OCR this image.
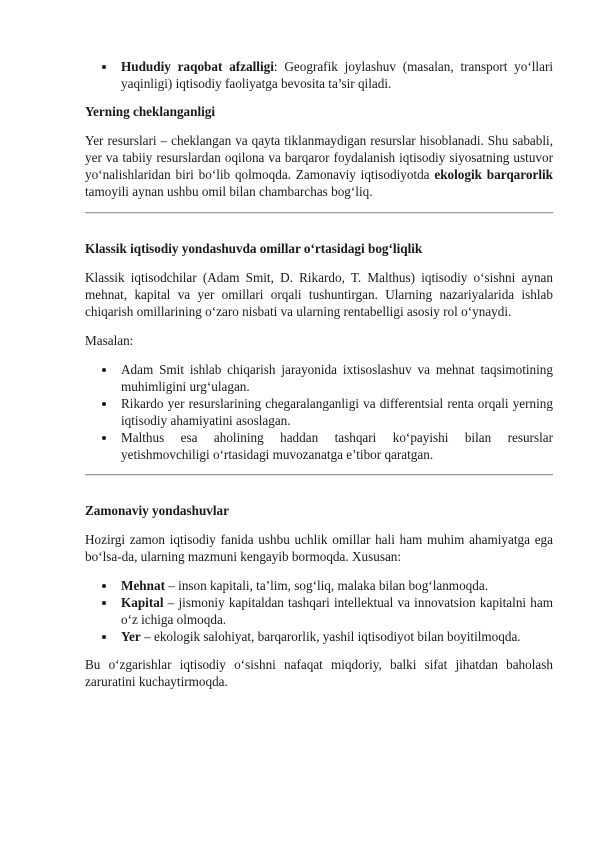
Hududiy raqobat afzalligi: Geografik joylashuv (masalan, transport yo‘llari yaqinligi) iqtisodiy faoliyatga bevosita ta’sir qiladi.

Yerning cheklanganligi

Yer resurslari – cheklangan va qayta tiklanmaydigan resurslar hisoblanadi. Shu sababli, yer va tabiiy resurslardan oqilona va barqaror foydalanish iqtisodiy siyosatning ustuvor yo‘nalishlaridan biri bo‘lib qolmoqda. Zamonaviy iqtisodiyotda ekologik barqarorlik tamoyili aynan ushbu omil bilan chambarchas bog‘liq.

Klassik iqtisodiy yondashuvda omillar o‘rtasidagi bog‘liqlik

Klassik iqtisodchilar (Adam Smit, D. Rikardo, T. Malthus) iqtisodiy o‘sishni aynan mehnat, kapital va yer omillari orqali tushuntirgan. Ularning nazariyalarida ishlab chiqarish omillarining o‘zaro nisbati va ularning rentabelligi asosiy rol o‘ynaydi.

Masalan:

Adam Smit ishlab chiqarish jarayonida ixtisoslashuv va mehnat taqsimotining muhimligini urg‘ulagan.
Rikardo yer resurslarining chegaralanganligi va differentsial renta orqali yerning iqtisodiy ahamiyatini asoslagan.
Malthus esa aholining haddan tashqari ko‘payishi bilan resurslar yetishmovchiligi o‘rtasidagi muvozanatga e’tibor qaratgan.

Zamonaviy yondashuvlar

Hozirgi zamon iqtisodiy fanida ushbu uchlik omillar hali ham muhim ahamiyatga ega bo‘lsa-da, ularning mazmuni kengayib bormoqda. Xususan:

Mehnat – inson kapitali, ta’lim, sog‘liq, malaka bilan bog‘lanmoqda.
Kapital – jismoniy kapitaldan tashqari intellektual va innovatsion kapitalni ham o‘z ichiga olmoqda.
Yer – ekologik salohiyat, barqarorlik, yashil iqtisodiyot bilan boyitilmoqda.

Bu o‘zgarishlar iqtisodiy o‘sishni nafaqat miqdoriy, balki sifat jihatdan baholash zaruratini kuchaytirmoqda.
